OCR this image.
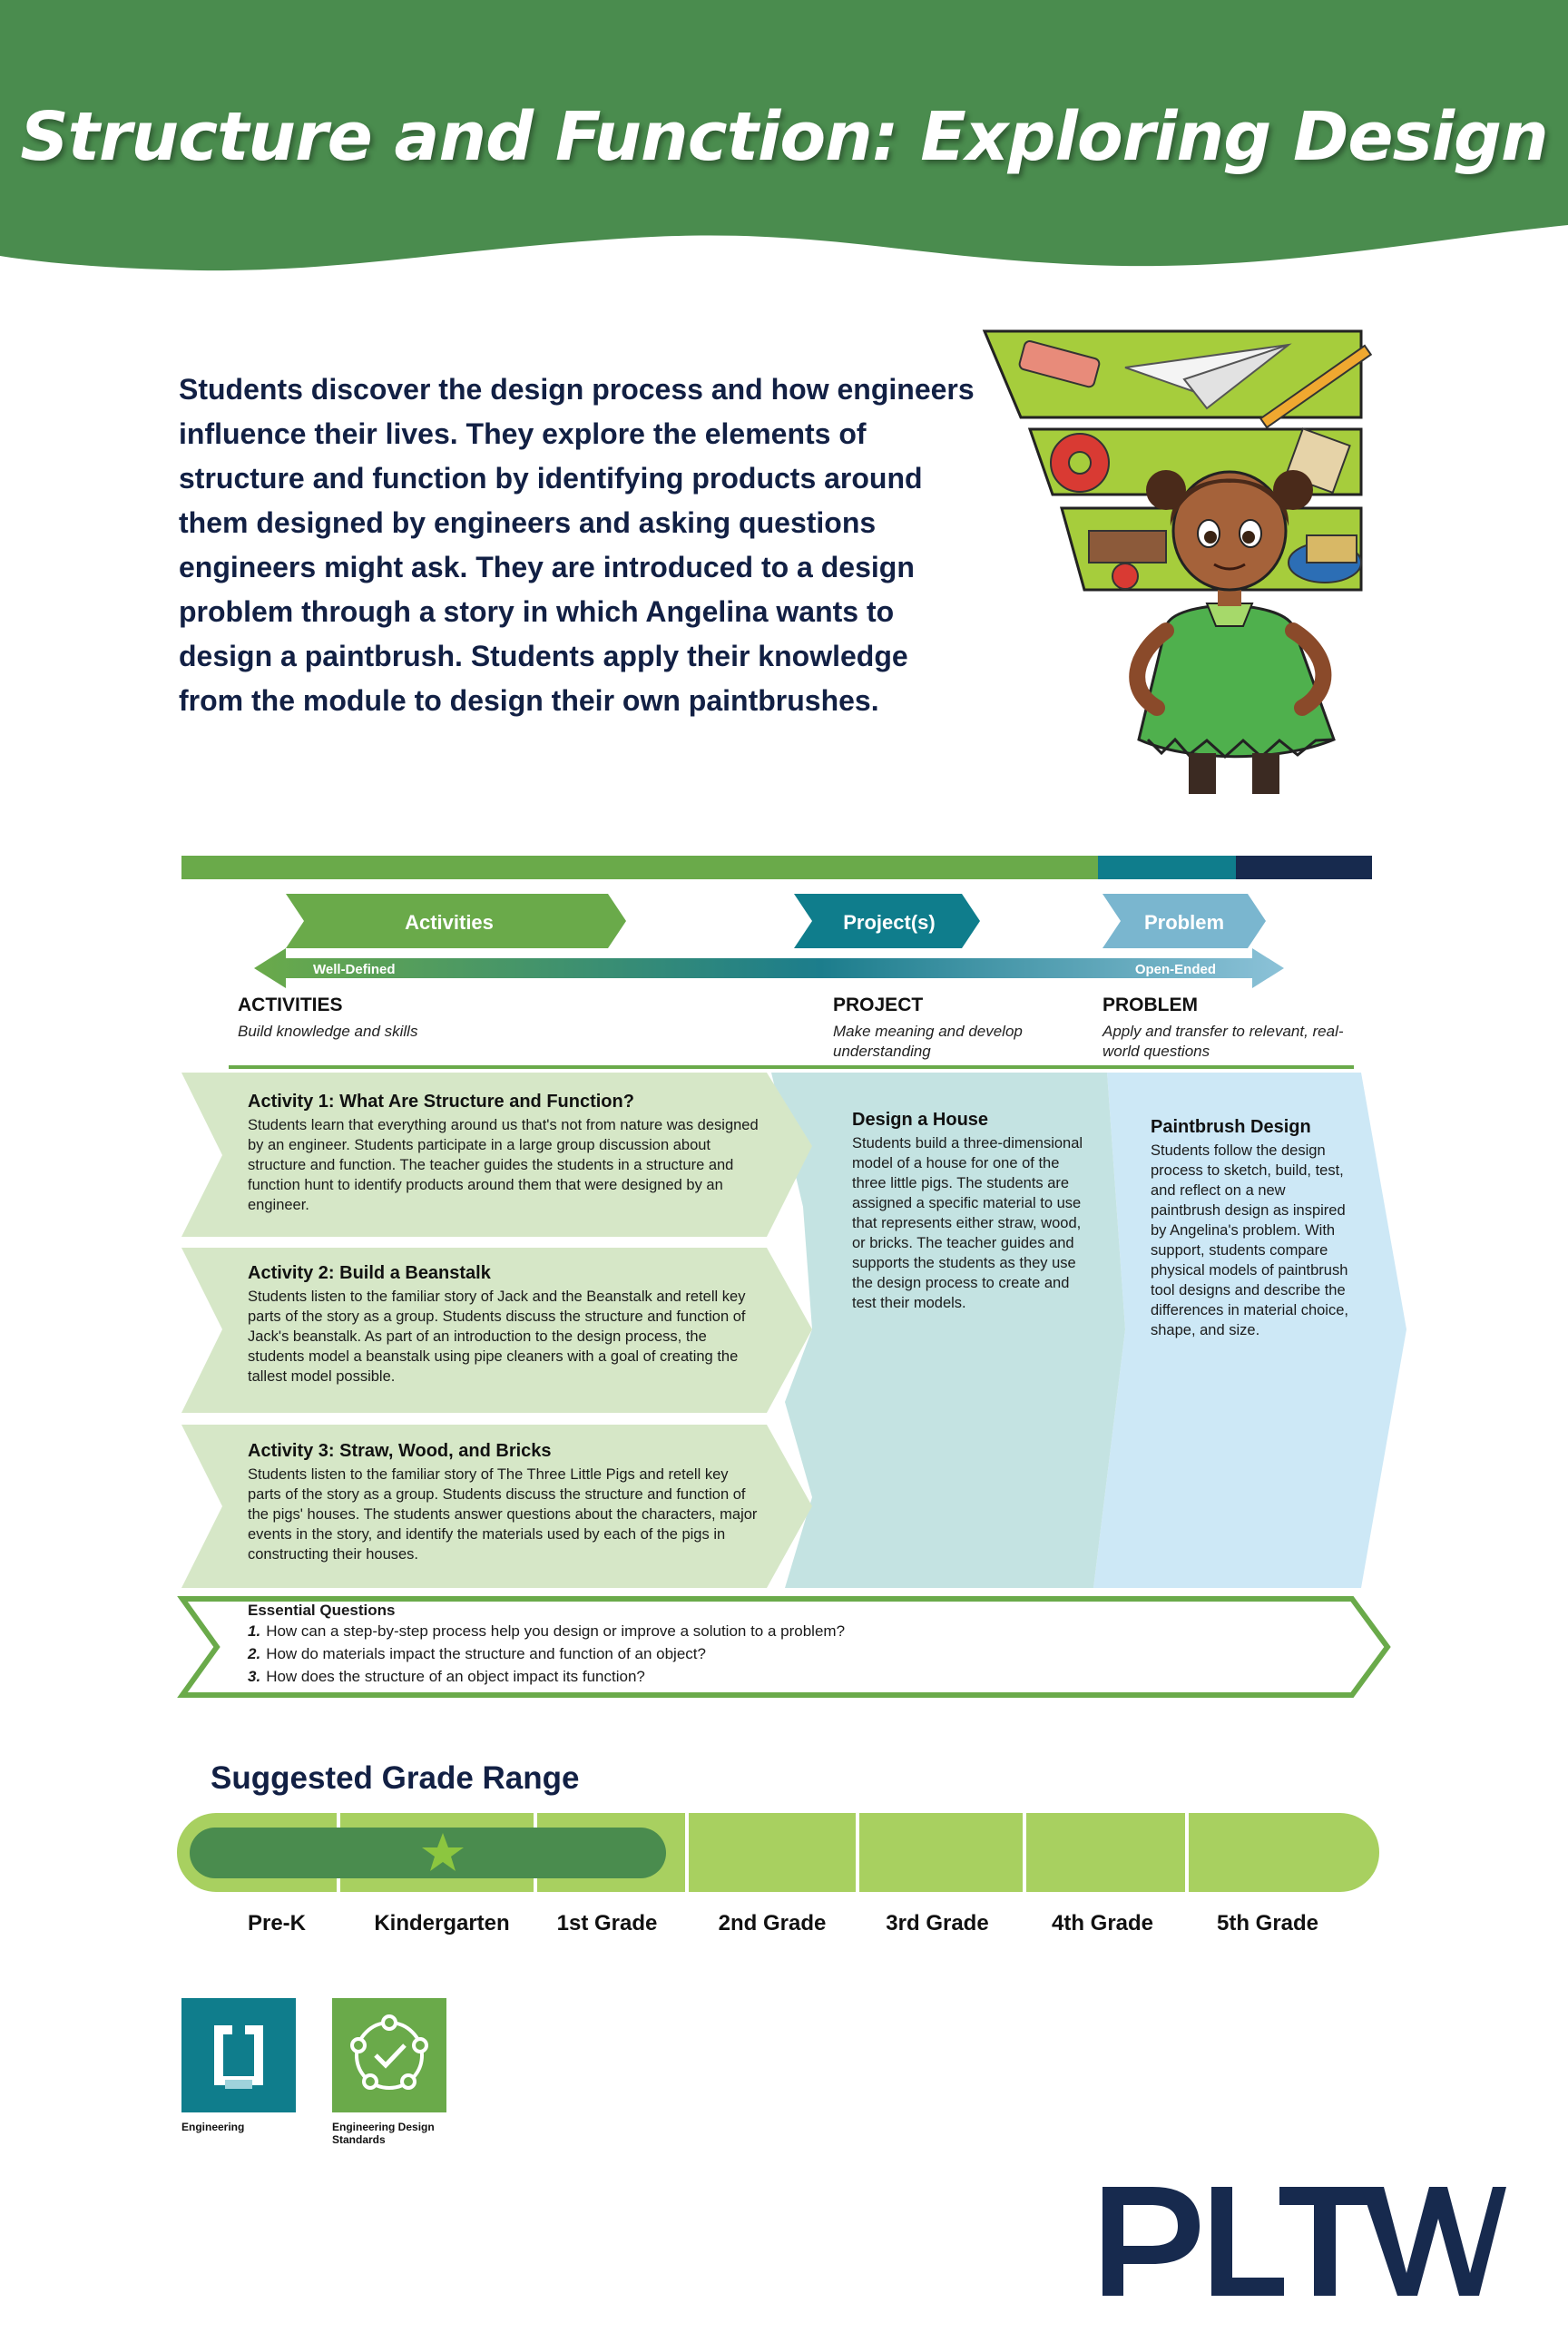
Structure and Function: Exploring Design
Students discover the design process and how engineers influence their lives. They explore the elements of structure and function by identifying products around them designed by engineers and asking questions engineers might ask. They are introduced to a design problem through a story in which Angelina wants to design a paintbrush. Students apply their knowledge from the module to design their own paintbrushes.
Activities	Project(s)	Problem
Well-Defined	Open-Ended
ACTIVITIES
Build knowledge and skills
PROJECT
Make meaning and develop understanding
PROBLEM
Apply and transfer to relevant, real-world questions
Activity 1: What Are Structure and Function?
Students learn that everything around us that's not from nature was designed by an engineer. Students participate in a large group discussion about structure and function. The teacher guides the students in a structure and function hunt to identify products around them that were designed by an engineer.
Activity 2: Build a Beanstalk
Students listen to the familiar story of Jack and the Beanstalk and retell key parts of the story as a group. Students discuss the structure and function of Jack's beanstalk. As part of an introduction to the design process, the students model a beanstalk using pipe cleaners with a goal of creating the tallest model possible.
Activity 3: Straw, Wood, and Bricks
Students listen to the familiar story of The Three Little Pigs and retell key parts of the story as a group. Students discuss the structure and function of the pigs' houses. The students answer questions about the characters, major events in the story, and identify the materials used by each of the pigs in constructing their houses.
Design a House
Students build a three-dimensional model of a house for one of the three little pigs. The students are assigned a specific material to use that represents either straw, wood, or bricks. The teacher guides and supports the students as they use the design process to create and test their models.
Paintbrush Design
Students follow the design process to sketch, build, test, and reflect on a new paintbrush design as inspired by Angelina's problem. With support, students compare physical models of paintbrush tool designs and describe the differences in material choice, shape, and size.
Essential Questions
1. How can a step-by-step process help you design or improve a solution to a problem?
2. How do materials impact the structure and function of an object?
3. How does the structure of an object impact its function?
Suggested Grade Range
Pre-K	Kindergarten	1st Grade	2nd Grade	3rd Grade	4th Grade	5th Grade
Engineering	Engineering Design Standards
